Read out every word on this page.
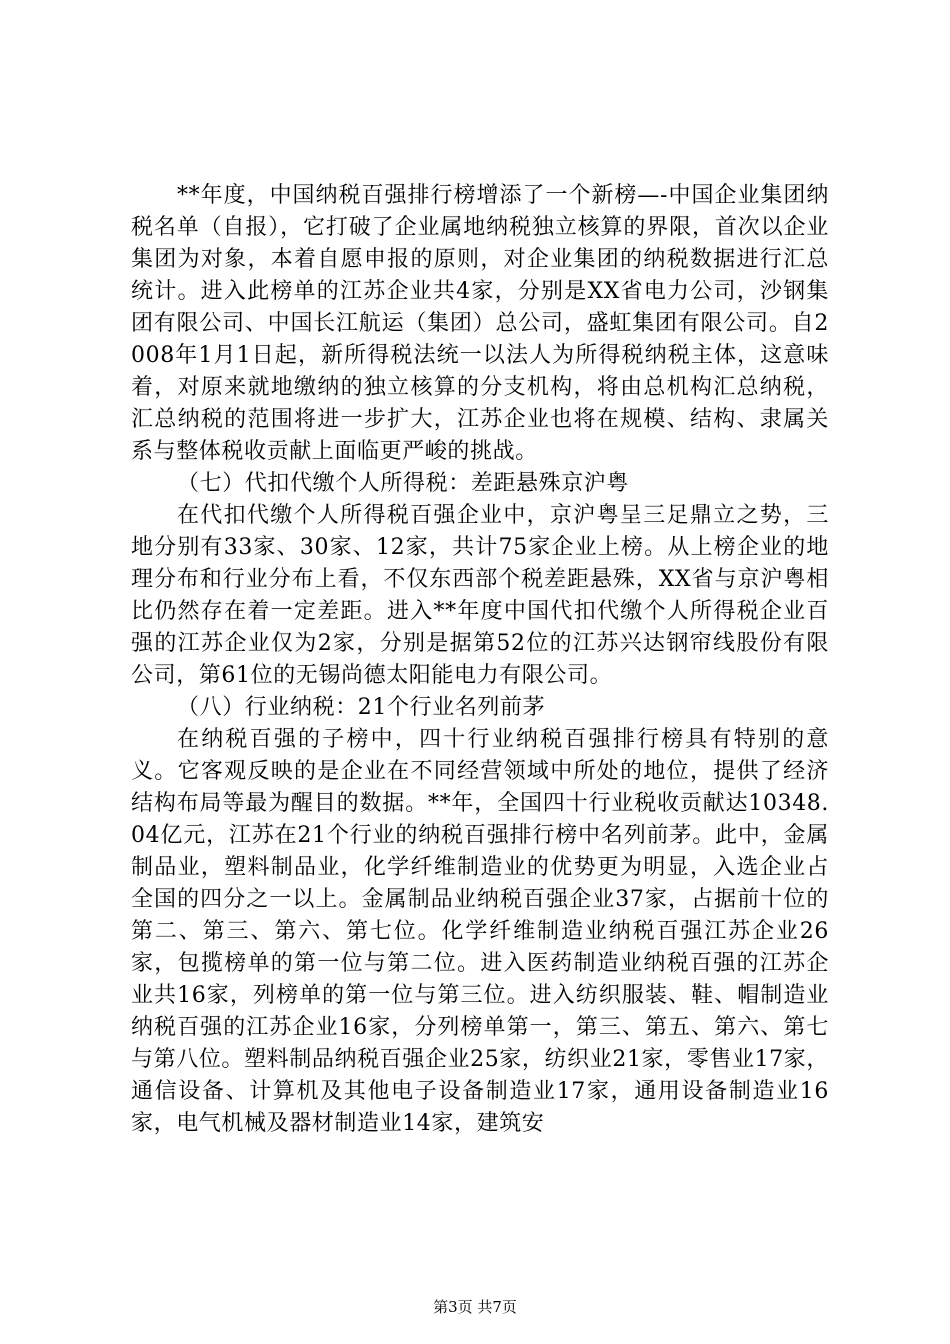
**年度，中国纳税百强排行榜增添了一个新榜—-中国企业集团纳税名单（自报），它打破了企业属地纳税独立核算的界限，首次以企业集团为对象，本着自愿申报的原则，对企业集团的纳税数据进行汇总统计。进入此榜单的江苏企业共4家，分别是XX省电力公司，沙钢集团有限公司、中国长江航运（集团）总公司，盛虹集团有限公司。自2008年1月1日起，新所得税法统一以法人为所得税纳税主体，这意味着，对原来就地缴纳的独立核算的分支机构，将由总机构汇总纳税，汇总纳税的范围将进一步扩大，江苏企业也将在规模、结构、隶属关系与整体税收贡献上面临更严峻的挑战。

（七）代扣代缴个人所得税：差距悬殊京沪粤

在代扣代缴个人所得税百强企业中，京沪粤呈三足鼎立之势，三地分别有33家、30家、12家，共计75家企业上榜。从上榜企业的地理分布和行业分布上看，不仅东西部个税差距悬殊，XX省与京沪粤相比仍然存在着一定差距。进入**年度中国代扣代缴个人所得税企业百强的江苏企业仅为2家，分别是据第52位的江苏兴达钢帘线股份有限公司，第61位的无锡尚德太阳能电力有限公司。

（八）行业纳税：21个行业名列前茅

在纳税百强的子榜中，四十行业纳税百强排行榜具有特别的意义。它客观反映的是企业在不同经营领域中所处的地位，提供了经济结构布局等最为醒目的数据。**年，全国四十行业税收贡献达10348.04亿元，江苏在21个行业的纳税百强排行榜中名列前茅。此中，金属制品业，塑料制品业，化学纤维制造业的优势更为明显，入选企业占全国的四分之一以上。金属制品业纳税百强企业37家，占据前十位的第二、第三、第六、第七位。化学纤维制造业纳税百强江苏企业26家，包揽榜单的第一位与第二位。进入医药制造业纳税百强的江苏企业共16家，列榜单的第一位与第三位。进入纺织服装、鞋、帽制造业纳税百强的江苏企业16家，分列榜单第一，第三、第五、第六、第七与第八位。塑料制品纳税百强企业25家，纺织业21家，零售业17家，通信设备、计算机及其他电子设备制造业17家，通用设备制造业16家，电气机械及器材制造业14家，建筑安

第3页 共7页
